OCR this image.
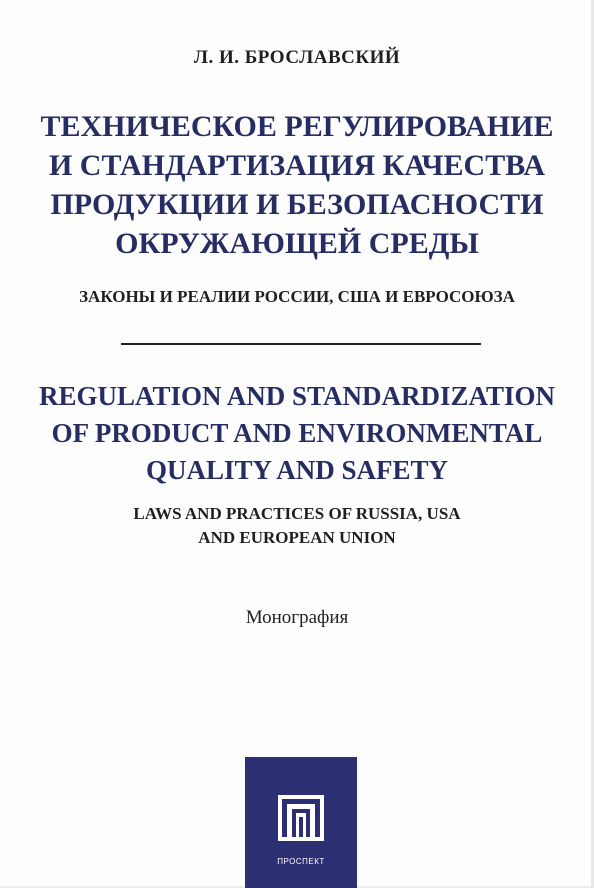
Л. И. БРОСЛАВСКИЙ
ТЕХНИЧЕСКОЕ РЕГУЛИРОВАНИЕ
И СТАНДАРТИЗАЦИЯ КАЧЕСТВА
ПРОДУКЦИИ И БЕЗОПАСНОСТИ
ОКРУЖАЮЩЕЙ СРЕДЫ
ЗАКОНЫ И РЕАЛИИ РОССИИ, США И ЕВРОСОЮЗА
REGULATION AND STANDARDIZATION
OF PRODUCT AND ENVIRONMENTAL
QUALITY AND SAFETY
LAWS AND PRACTICES OF RUSSIA, USA
AND EUROPEAN UNION
Монография
ПРОСПЕКТ
